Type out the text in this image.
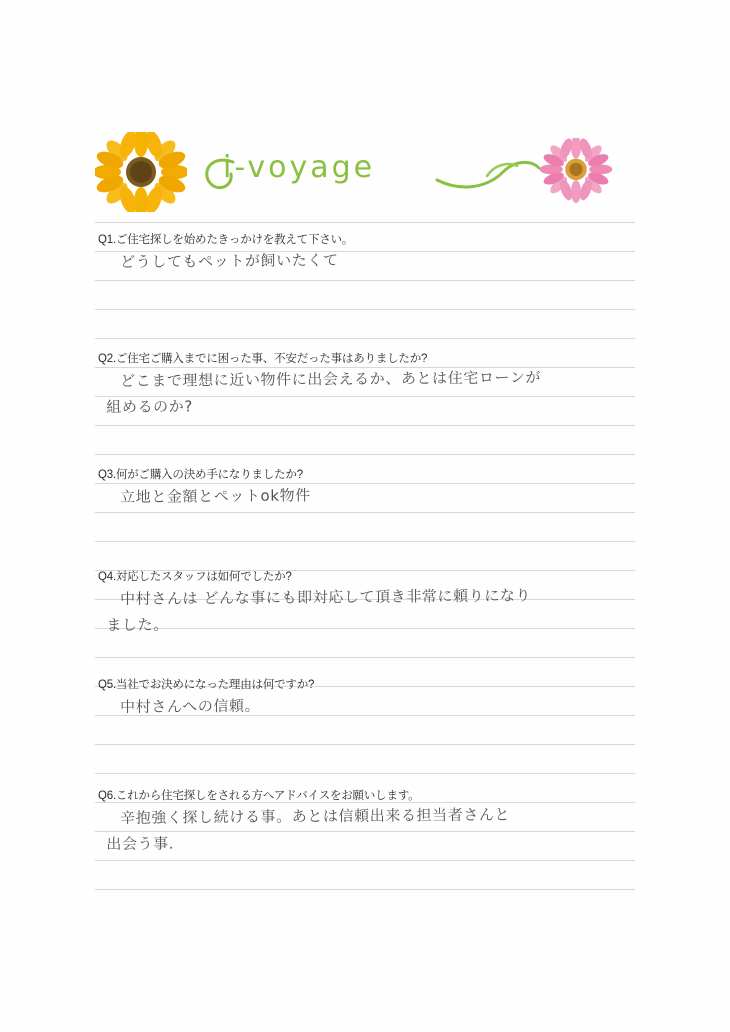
i-voyage
Q1.ご住宅探しを始めたきっかけを教えて下さい。
どうしてもペットが飼いたくて
Q2.ご住宅ご購入までに困った事、不安だった事はありましたか?
どこまで理想に近い物件に出会えるか、あとは住宅ローンが
組めるのか?
Q3.何がご購入の決め手になりましたか?
立地と金額とペットok物件
Q4.対応したスタッフは如何でしたか?
中村さんは どんな事にも即対応して頂き非常に頼りになり
ました。
Q5.当社でお決めになった理由は何ですか?
中村さんへの信頼。
Q6.これから住宅探しをされる方へアドバイスをお願いします。
辛抱強く探し続ける事。あとは信頼出来る担当者さんと
出会う事.
